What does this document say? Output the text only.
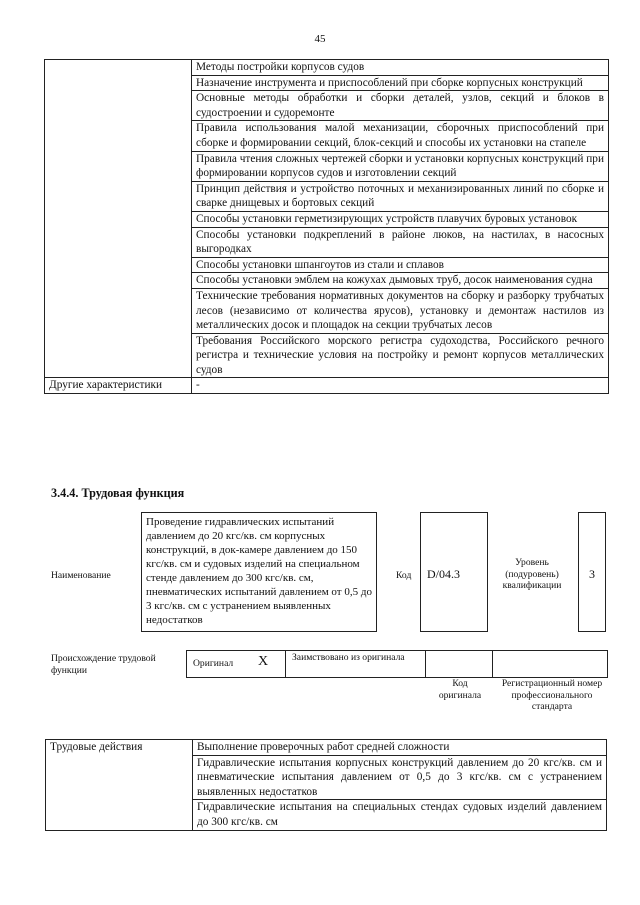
45
	Методы постройки корпусов судов
	Назначение инструмента и приспособлений при сборке корпусных конструкций
	Основные методы обработки и сборки деталей, узлов, секций и блоков в судостроении и судоремонте
	Правила использования малой механизации, сборочных приспособлений при сборке и формировании секций, блок-секций и способы их установки на стапеле
	Правила чтения сложных чертежей сборки и установки корпусных конструкций при формировании корпусов судов и изготовлении секций
	Принцип действия и устройство поточных и механизированных линий по сборке и сварке днищевых и бортовых секций
	Способы установки герметизирующих устройств плавучих буровых установок
	Способы установки подкреплений в районе люков, на настилах, в насосных выгородках
	Способы установки шпангоутов из стали и сплавов
	Способы установки эмблем на кожухах дымовых труб, досок наименования судна
	Технические требования нормативных документов на сборку и разборку трубчатых лесов (независимо от количества ярусов), установку и демонтаж настилов из металлических досок и площадок на секции трубчатых лесов
	Требования Российского морского регистра судоходства, Российского речного регистра и технические условия на постройку и ремонт корпусов металлических судов
Другие характеристики	-
3.4.4. Трудовая функция
Наименование
Проведение гидравлических испытаний давлением до 20 кгс/кв. см корпусных конструкций, в док-камере давлением до 150 кгс/кв. см и судовых изделий на специальном стенде давлением до 300 кгс/кв. см, пневматических испытаний давлением от 0,5 до 3 кгс/кв. см с устранением выявленных недостатков
Код	D/04.3
Уровень (подуровень) квалификации
3
Происхождение трудовой функции
Оригинал X Заимствовано из оригинала
Код оригинала
Регистрационный номер профессионального стандарта
Трудовые действия	Выполнение проверочных работ средней сложности
	Гидравлические испытания корпусных конструкций давлением до 20 кгс/кв. см и пневматические испытания давлением от 0,5 до 3 кгс/кв. см с устранением выявленных недостатков
	Гидравлические испытания на специальных стендах судовых изделий давлением до 300 кгс/кв. см
